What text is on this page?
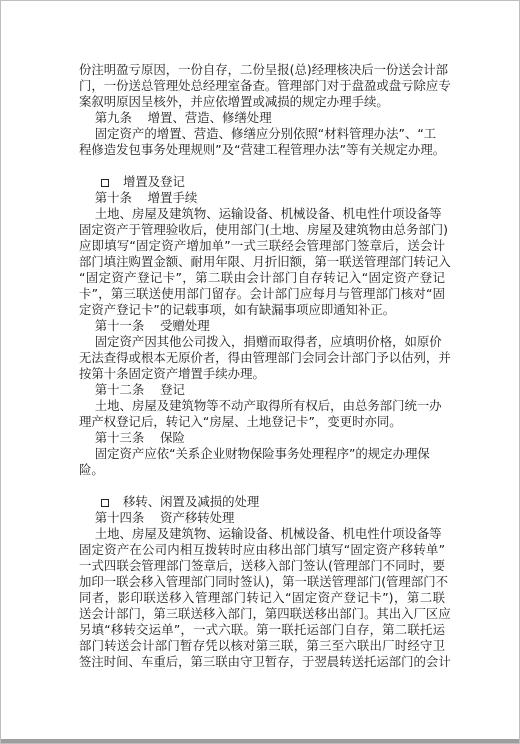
份注明盈亏原因，一份自存，二份呈报(总)经理核决后一份送会计部
门，一份送总管理处总经理室备查。管理部门对于盘盈或盘亏除应专
案叙明原因呈核外，并应依增置或减损的规定办理手续。
第九条    增置、营造、修缮处理
固定资产的增置、营造、修缮应分别依照“材料管理办法”、“工
程修造发包事务处理规则”及“营建工程管理办法”等有关规定办理。
增置及登记
第十条    增置手续
土地、房屋及建筑物、运输设备、机械设备、机电性什项设备等
固定资产于管理验收后，使用部门(土地、房屋及建筑物由总务部门)
应即填写“固定资产增加单”一式三联经会管理部门签章后，送会计
部门填注购置金额、耐用年限、月折旧额，第一联送管理部门转记入
“固定资产登记卡”，第二联由会计部门自存转记入“固定资产登记
卡”，第三联送使用部门留存。会计部门应每月与管理部门核对“固
定资产登记卡”的记载事项，如有缺漏事项应即通知补正。
第十一条    受赠处理
固定资产因其他公司拨入，捐赠而取得者，应填明价格，如原价
无法查得或根本无原价者，得由管理部门会同会计部门予以估列，并
按第十条固定资产增置手续办理。
第十二条    登记
土地、房屋及建筑物等不动产取得所有权后，由总务部门统一办
理产权登记后，转记入“房屋、土地登记卡”，变更时亦同。
第十三条    保险
固定资产应依“关系企业财物保险事务处理程序”的规定办理保
险。
移转、闲置及减损的处理
第十四条    资产移转处理
土地、房屋及建筑物、运输设备、机械设备、机电性什项设备等
固定资产在公司内相互拨转时应由移出部门填写“固定资产移转单”
一式四联会管理部门签章后，送移入部门签认(管理部门不同时，要
加印一联会移入管理部门同时签认)，第一联送管理部门(管理部门不
同者，影印联送移入管理部门转记入“固定资产登记卡”)，第二联
送会计部门，第三联送移入部门，第四联送移出部门。其出入厂区应
另填“移转交运单”，一式六联。第一联托运部门自存，第二联托运
部门转送会计部门暂存凭以核对第三联，第三至六联出厂时经守卫
签注时间、车重后，第三联由守卫暂存，于翌晨转送托运部门的会计
